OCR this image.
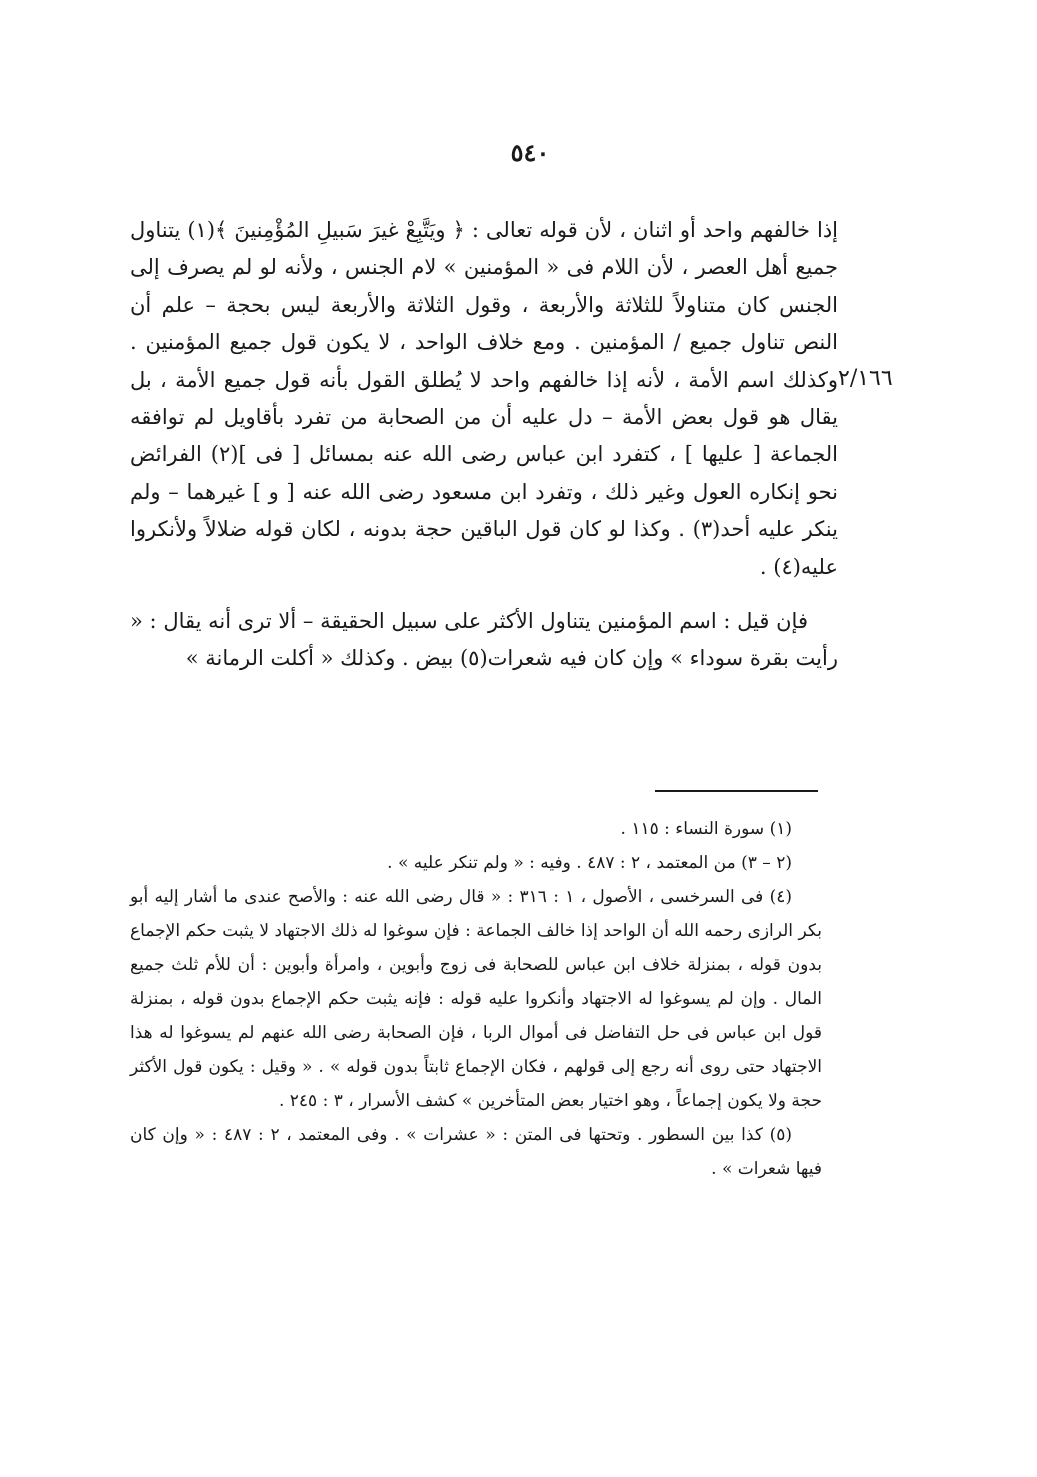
٥٤٠
٢/١٦٦

إذا خالفهم واحد أو اثنان ، لأن قوله تعالى : ﴿ ويَتَّبِعْ غيرَ سَبيلِ المُؤْمِنينَ ﴾(١) يتناول جميع أهل العصر ، لأن اللام فى « المؤمنين » لام الجنس ، ولأنه لو لم يصرف إلى الجنس كان متناولاً للثلاثة والأربعة ، وقول الثلاثة والأربعة ليس بحجة – علم أن النص تناول جميع / المؤمنين . ومع خلاف الواحد ، لا يكون قول جميع المؤمنين . وكذلك اسم الأمة ، لأنه إذا خالفهم واحد لا يُطلق القول بأنه قول جميع الأمة ، بل يقال هو قول بعض الأمة – دل عليه أن من الصحابة من تفرد بأقاويل لم توافقه الجماعة [ عليها ] ، كتفرد ابن عباس رضى الله عنه بمسائل [ فى ](٢) الفرائض نحو إنكاره العول وغير ذلك ، وتفرد ابن مسعود رضى الله عنه [ و ] غيرهما – ولم ينكر عليه أحد(٣) . وكذا لو كان قول الباقين حجة بدونه ، لكان قوله ضلالاً ولأنكروا عليه(٤) .

فإن قيل : اسم المؤمنين يتناول الأكثر على سبيل الحقيقة – ألا ترى أنه يقال : « رأيت بقرة سوداء » وإن كان فيه شعرات(٥) بيض . وكذلك « أكلت الرمانة »

(١) سورة النساء : ١١٥ .

(٢ – ٣) من المعتمد ، ٢ : ٤٨٧ . وفيه : « ولم تنكر عليه » .

(٤) فى السرخسى ، الأصول ، ١ : ٣١٦ : « قال رضى الله عنه : والأصح عندى ما أشار إليه أبو بكر الرازى رحمه الله أن الواحد إذا خالف الجماعة : فإن سوغوا له ذلك الاجتهاد لا يثبت حكم الإجماع بدون قوله ، بمنزلة خلاف ابن عباس للصحابة فى زوج وأبوين ، وامرأة وأبوين : أن للأم ثلث جميع المال . وإن لم يسوغوا له الاجتهاد وأنكروا عليه قوله : فإنه يثبت حكم الإجماع بدون قوله ، بمنزلة قول ابن عباس فى حل التفاضل فى أموال الربا ، فإن الصحابة رضى الله عنهم لم يسوغوا له هذا الاجتهاد حتى روى أنه رجع إلى قولهم ، فكان الإجماع ثابتاً بدون قوله » . « وقيل : يكون قول الأكثر حجة ولا يكون إجماعاً ، وهو اختيار بعض المتأخرين » كشف الأسرار ، ٣ : ٢٤٥ .

(٥) كذا بين السطور . وتحتها فى المتن : « عشرات » . وفى المعتمد ، ٢ : ٤٨٧ : « وإن كان فيها شعرات » .
